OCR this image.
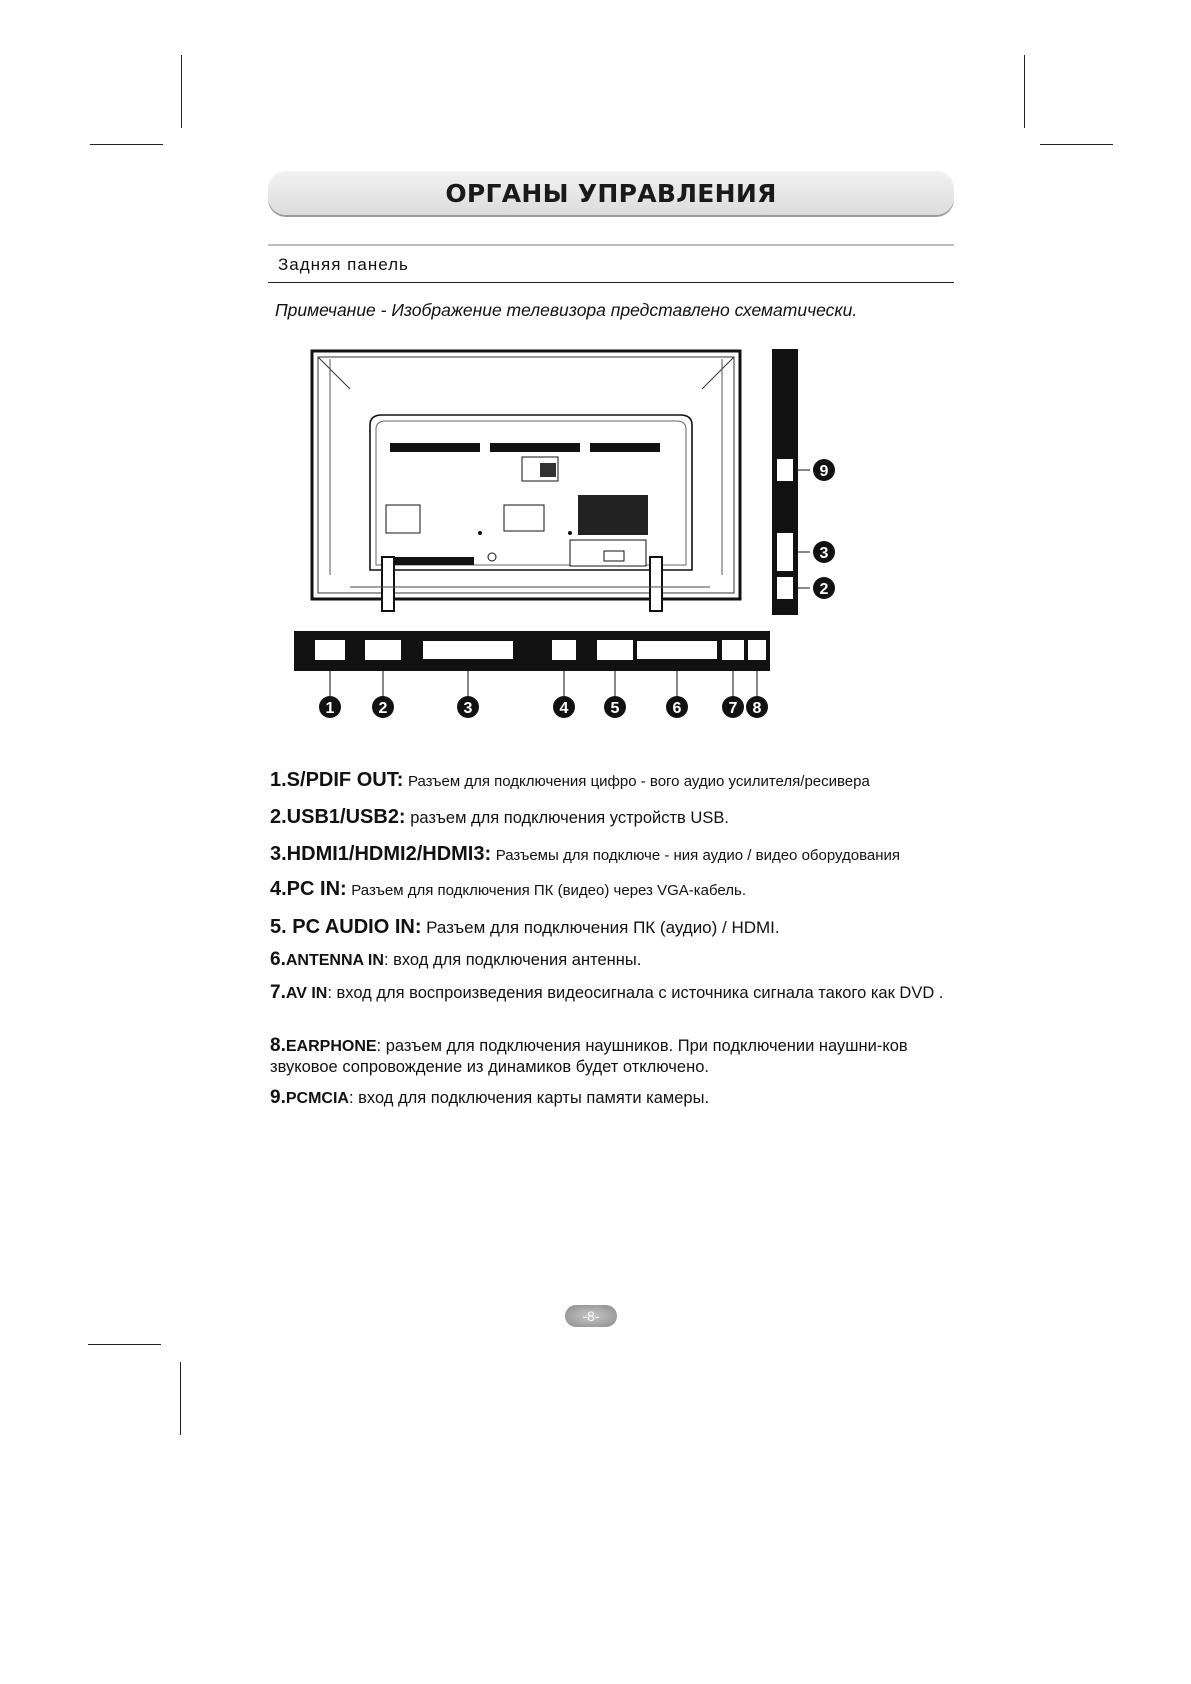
ОРГАНЫ УПРАВЛЕНИЯ
Задняя панель
Примечание - Изображение телевизора представлено схематически.
1	2	3	4	5	6	7 8
9
3
2
1.S/PDIF OUT: Разъем для подключения цифро - вого аудио усилителя/ресивера
2.USB1/USB2: разъем для подключения устройств USB.
3.HDMI1/HDMI2/HDMI3: Разъемы для подключе - ния аудио / видео оборудования
4.PC IN: Разъем для подключения ПК (видео) через VGA-кабель.
5. PC AUDIO IN: Разъем для подключения ПК (аудио) / HDMI.
6.ANTENNA IN: вход для подключения антенны.
7.AV IN: вход для воспроизведения видеосигнала с источника сигнала такого как DVD .
8.EARPHONE: разъем для подключения наушников. При подключении наушни-ков звуковое сопровождение из динамиков будет отключено.
9.PCMCIA: вход для подключения карты памяти камеры.
-8-
